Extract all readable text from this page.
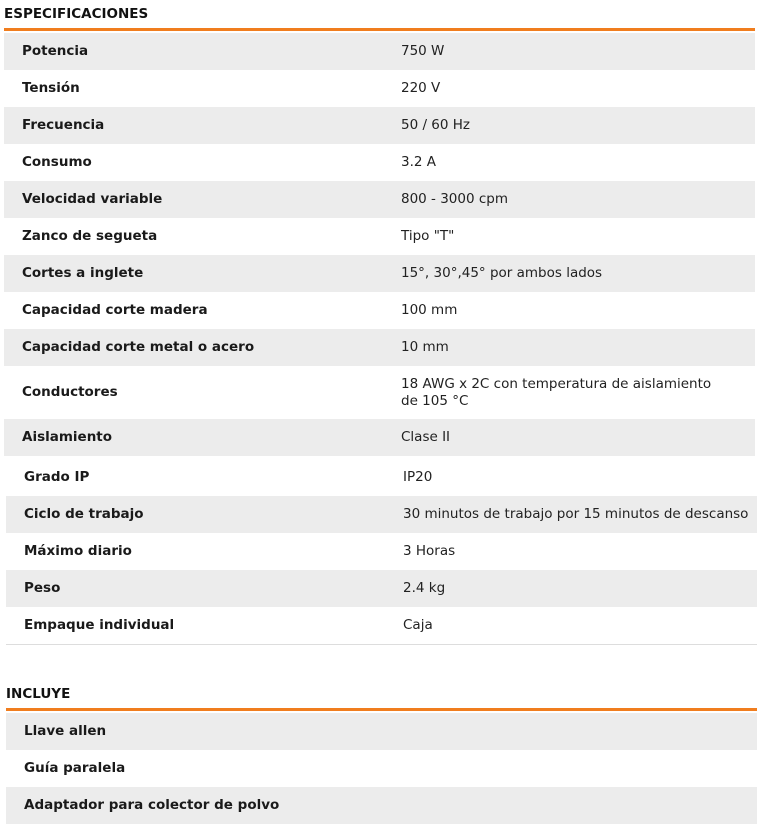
ESPECIFICACIONES
Potencia	750 W
Tensión	220 V
Frecuencia	50 / 60 Hz
Consumo	3.2 A
Velocidad variable	800 - 3000 cpm
Zanco de segueta	Tipo "T"
Cortes a inglete	15°, 30°,45° por ambos lados
Capacidad corte madera	100 mm
Capacidad corte metal o acero	10 mm
Conductores	18 AWG x 2C con temperatura de aislamiento de 105 °C
Aislamiento	Clase II
Grado IP	IP20
Ciclo de trabajo	30 minutos de trabajo por 15 minutos de descanso
Máximo diario	3 Horas
Peso	2.4 kg
Empaque individual	Caja
INCLUYE
Llave allen
Guía paralela
Adaptador para colector de polvo
